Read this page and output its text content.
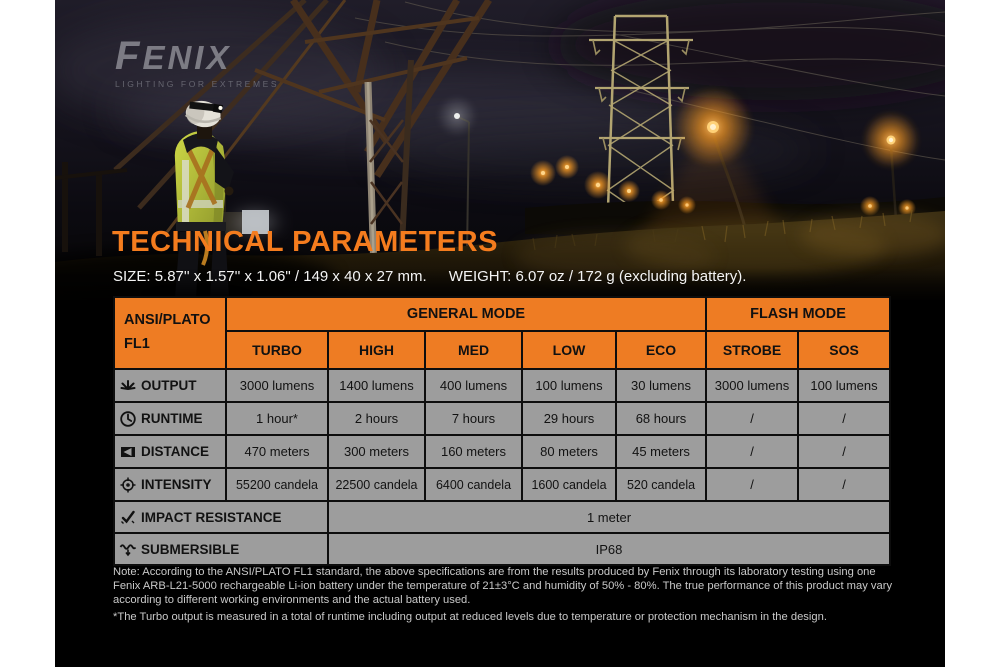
FENIX
LIGHTING FOR EXTREMES
TECHNICAL PARAMETERS
SIZE: 5.87'' x 1.57'' x 1.06" / 149 x 40 x 27 mm. WEIGHT: 6.07 oz / 172 g (excluding battery).
ANSI/PLATO FL1	GENERAL MODE					FLASH MODE	
	TURBO	HIGH	MED	LOW	ECO	STROBE	SOS

OUTPUT	3000 lumens	1400 lumens	400 lumens	100 lumens	30 lumens	3000 lumens	100 lumens

RUNTIME	1 hour*	2 hours	7 hours	29 hours	68 hours	/	/

DISTANCE	470 meters	300 meters	160 meters	80 meters	45 meters	/	/

INTENSITY	55200 candela	22500 candela	6400 candela	1600 candela	520 candela	/	/

IMPACT RESISTANCE		1 meter					

SUBMERSIBLE		IP68					
Note: According to the ANSI/PLATO FL1 standard, the above specifications are from the results produced by Fenix through its laboratory testing using one Fenix ARB-L21-5000 rechargeable Li-ion battery under the temperature of 21±3°C and humidity of 50% - 80%. The true performance of this product may vary according to different working environments and the actual battery used.
*The Turbo output is measured in a total of runtime including output at reduced levels due to temperature or protection mechanism in the design.
